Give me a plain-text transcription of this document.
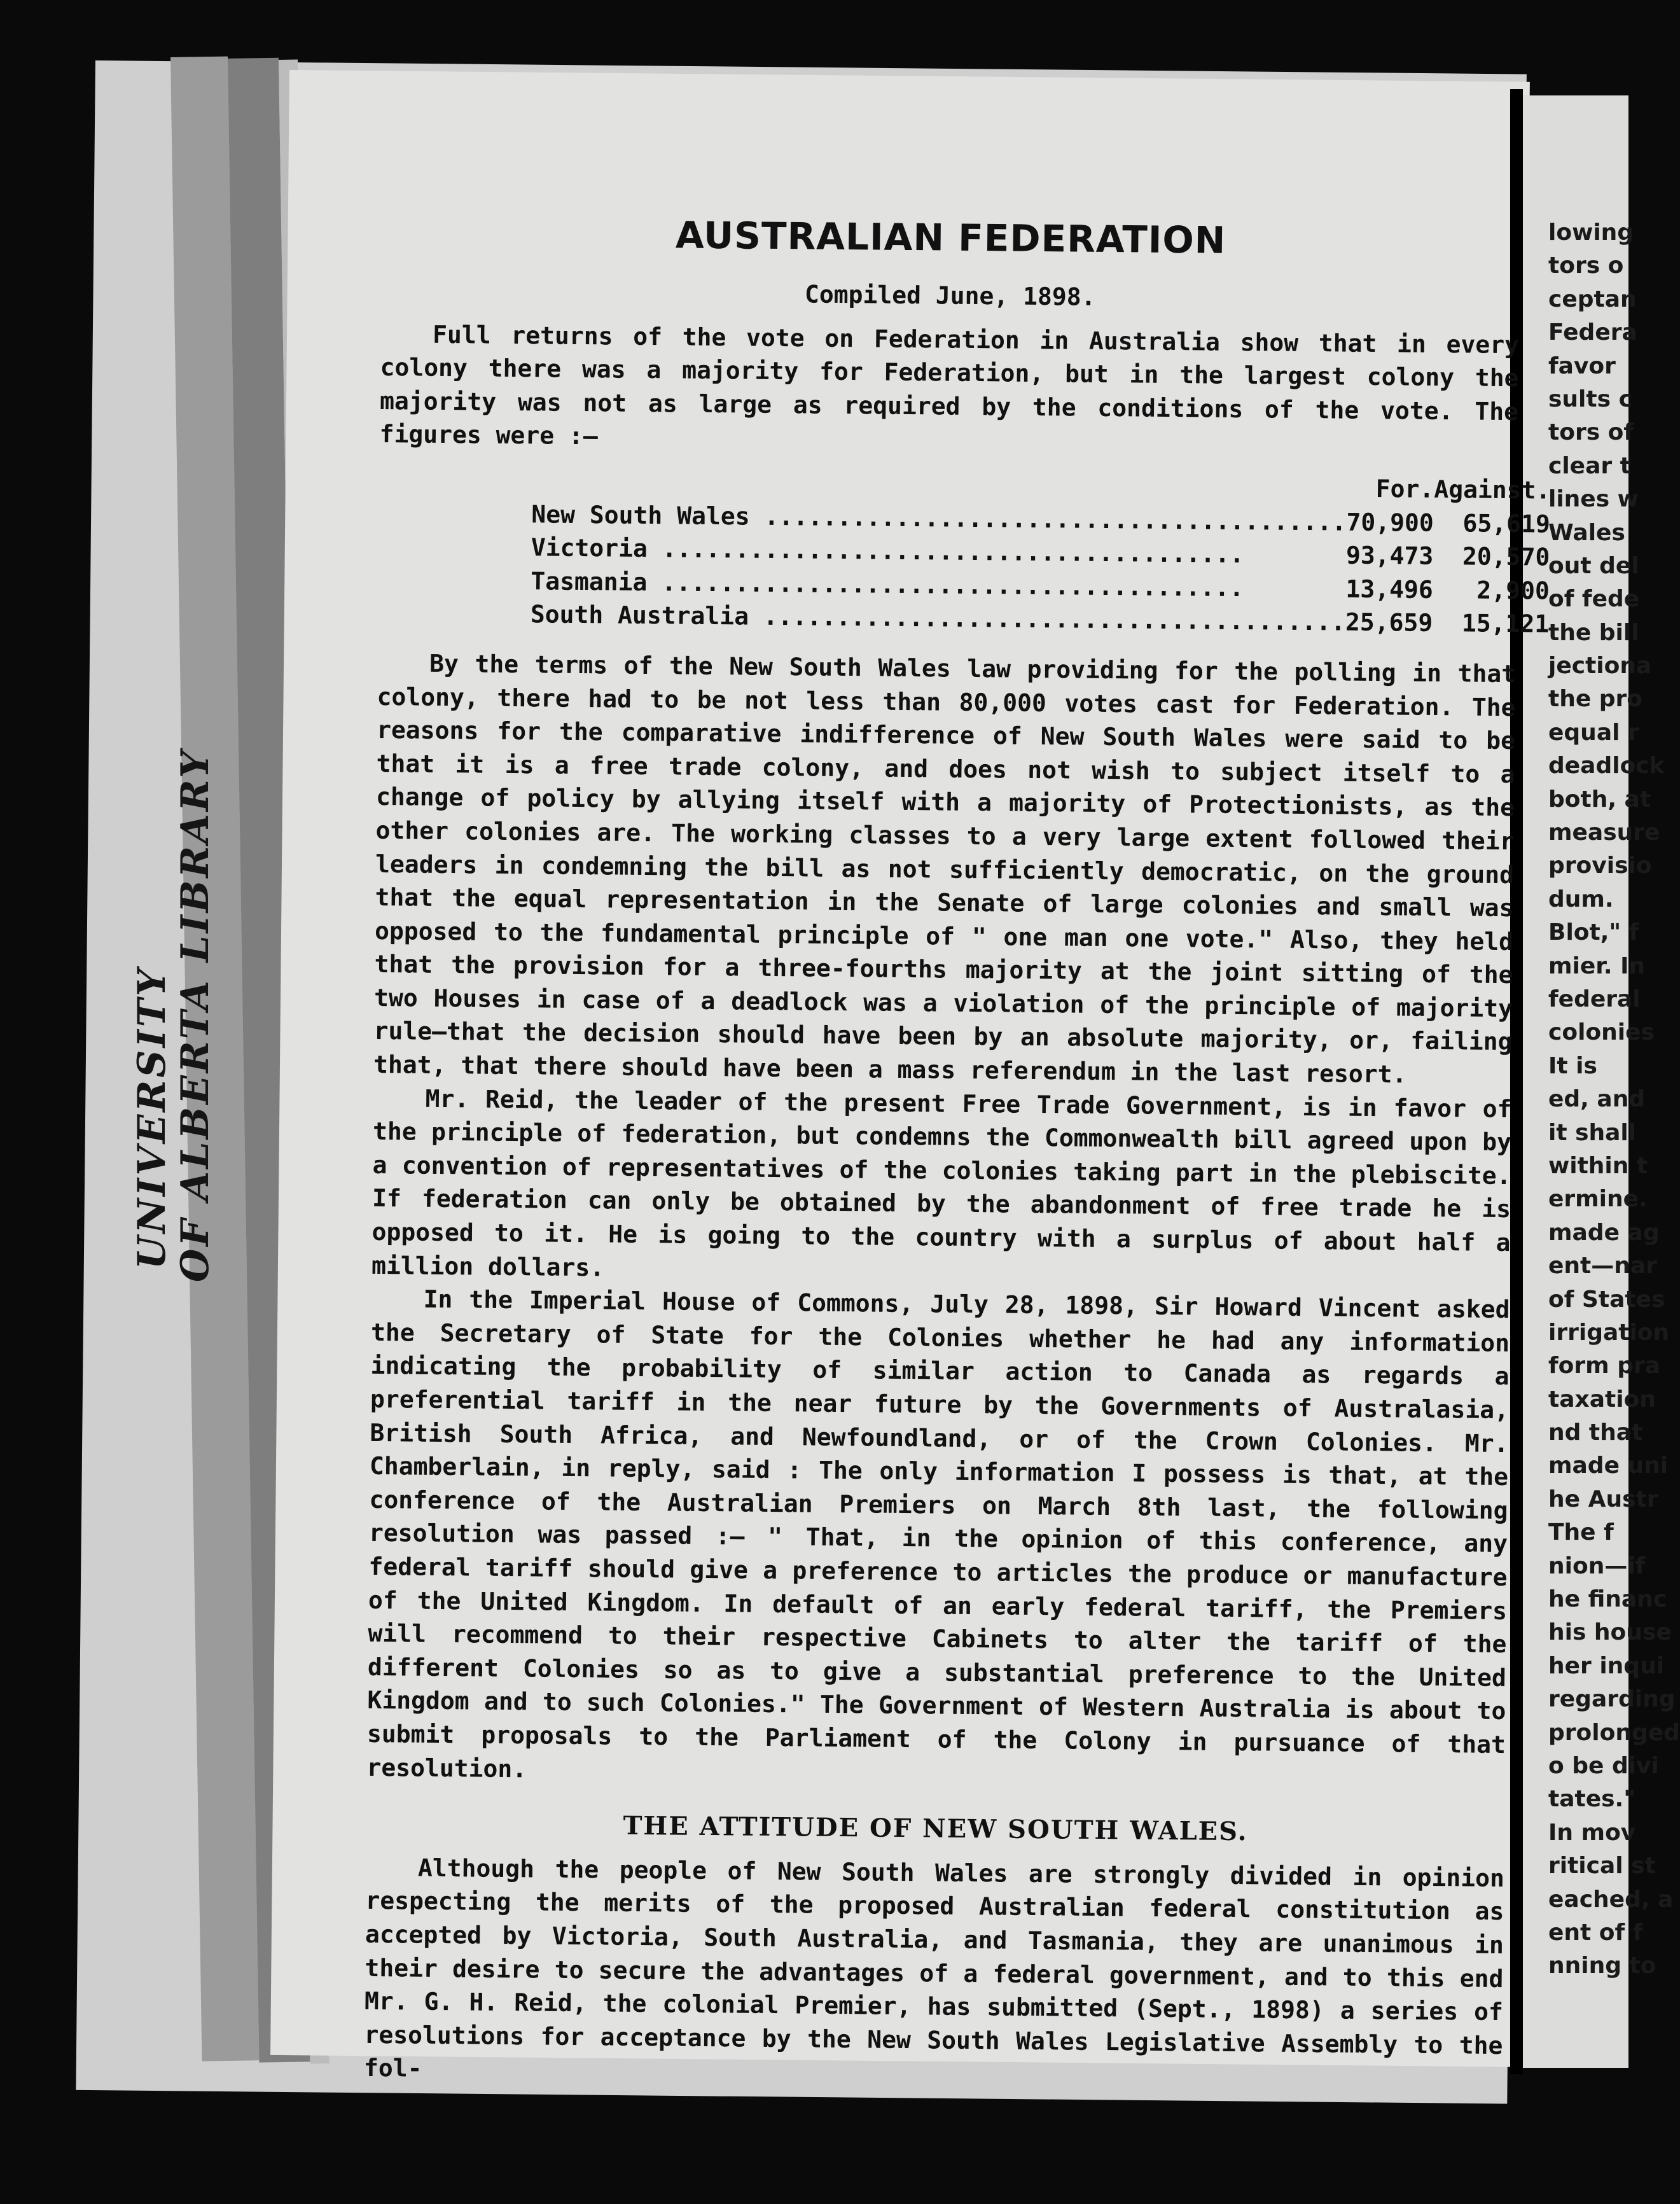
lowing
tors o
ceptan
Federa
favor
sults c
tors of
clear t
lines w
Wales
out del
of fede
the bill
jectiona
the pro
equal r
deadlock
both, at
measure
provisio
dum.
Blot," f
mier. In
federal
colonies
It is
ed, and
it shall
within t
ermine.
made ag
ent—nar
of States
irrigation
form pra
taxation
nd that
made uni
he Austr
The f
nion—if
he financ
his house
her inqui
regarding
prolonged
o be divi
tates."
In mov
ritical st
eached, a
ent of f
nning to
UNIVERSITY
OF ALBERTA LIBRARY
AUSTRALIAN FEDERATION

Compiled June, 1898.

Full returns of the vote on Federation in Australia show that in every colony there was a majority for Federation, but in the largest colony the majority was not as large as required by the conditions of the vote. The figures were :—

	For.	Against.
New South Wales ........................................	70,900	65,619
Victoria ........................................	93,473	20,570
Tasmania ........................................	13,496	2,900
South Australia ........................................	25,659	15,121

By the terms of the New South Wales law providing for the polling in that colony, there had to be not less than 80,000 votes cast for Federation. The reasons for the comparative indifference of New South Wales were said to be that it is a free trade colony, and does not wish to subject itself to a change of policy by allying itself with a majority of Protectionists, as the other colonies are. The working classes to a very large extent followed their leaders in condemning the bill as not sufficiently democratic, on the ground that the equal representation in the Senate of large colonies and small was opposed to the fundamental principle of " one man one vote." Also, they held that the provision for a three-fourths majority at the joint sitting of the two Houses in case of a deadlock was a violation of the principle of majority rule—that the decision should have been by an absolute majority, or, failing that, that there should have been a mass referendum in the last resort.

Mr. Reid, the leader of the present Free Trade Government, is in favor of the principle of federation, but condemns the Commonwealth bill agreed upon by a convention of representatives of the colonies taking part in the plebiscite. If federation can only be obtained by the abandonment of free trade he is opposed to it. He is going to the country with a surplus of about half a million dollars.

In the Imperial House of Commons, July 28, 1898, Sir Howard Vincent asked the Secretary of State for the Colonies whether he had any information indicating the probability of similar action to Canada as regards a preferential tariff in the near future by the Governments of Australasia, British South Africa, and Newfoundland, or of the Crown Colonies. Mr. Chamberlain, in reply, said : The only information I possess is that, at the conference of the Australian Premiers on March 8th last, the following resolution was passed :— " That, in the opinion of this conference, any federal tariff should give a preference to articles the produce or manufacture of the United Kingdom. In default of an early federal tariff, the Premiers will recommend to their respective Cabinets to alter the tariff of the different Colonies so as to give a substantial preference to the United Kingdom and to such Colonies." The Government of Western Australia is about to submit proposals to the Parliament of the Colony in pursuance of that resolution.

THE ATTITUDE OF NEW SOUTH WALES.

Although the people of New South Wales are strongly divided in opinion respecting the merits of the proposed Australian federal constitution as accepted by Victoria, South Australia, and Tasmania, they are unanimous in their desire to secure the advantages of a federal government, and to this end Mr. G. H. Reid, the colonial Premier, has submitted (Sept., 1898) a series of resolutions for acceptance by the New South Wales Legislative Assembly to the fol-
